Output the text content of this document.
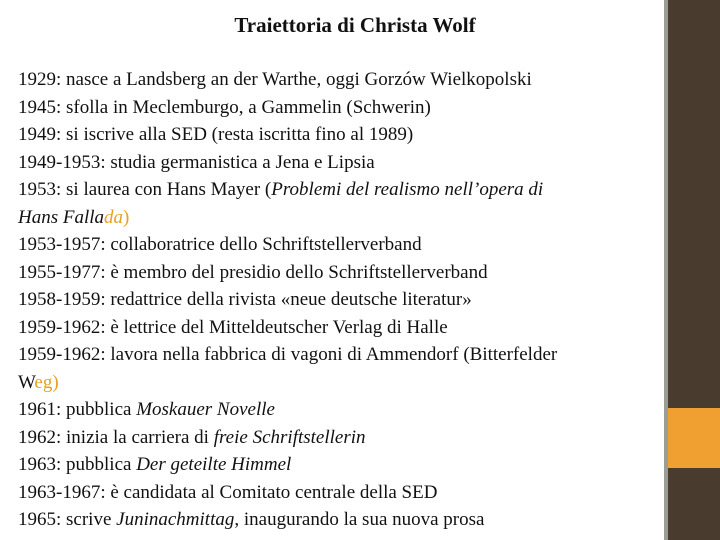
Traiettoria di Christa Wolf
1929: nasce a Landsberg an der Warthe, oggi Gorzów Wielkopolski
1945: sfolla in Meclemburgo, a Gammelin (Schwerin)
1949: si iscrive alla SED (resta iscritta fino al 1989)
1949-1953: studia germanistica a Jena e Lipsia
1953: si laurea con Hans Mayer (Problemi del realismo nell’opera di
Hans Fallada)
1953-1957: collaboratrice dello Schriftstellerverband
1955-1977: è membro del presidio dello Schriftstellerverband
1958-1959: redattrice della rivista «neue deutsche literatur»
1959-1962: è lettrice del Mitteldeutscher Verlag di Halle
1959-1962: lavora nella fabbrica di vagoni di Ammendorf (Bitterfelder
Weg)
1961: pubblica Moskauer Novelle
1962: inizia la carriera di freie Schriftstellerin
1963: pubblica Der geteilte Himmel
1963-1967: è candidata al Comitato centrale della SED
1965: scrive Juninachmittag, inaugurando la sua nuova prosa
